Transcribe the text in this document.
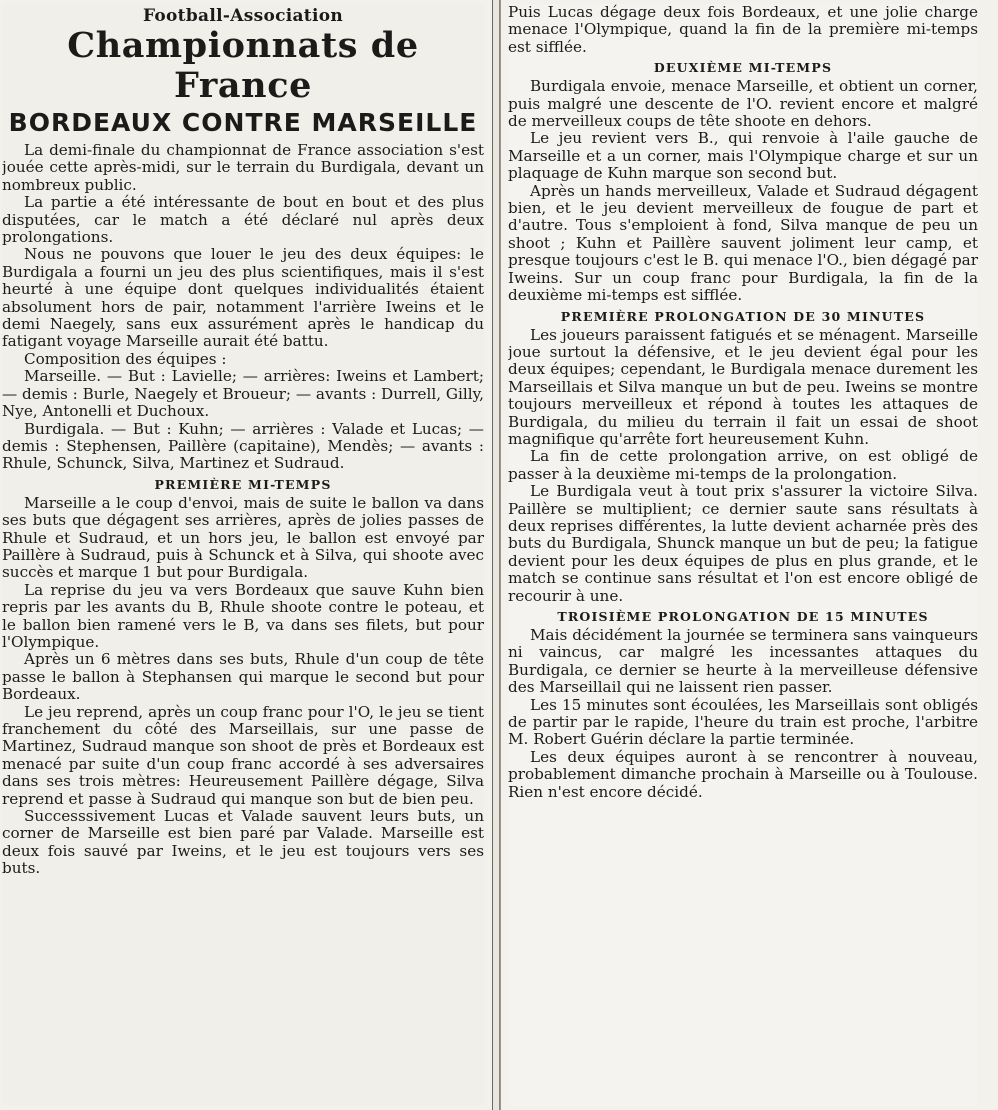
Football-Association
Championnats de France
BORDEAUX CONTRE MARSEILLE

La demi-finale du championnat de France association s'est jouée cette après-midi, sur le terrain du Burdigala, devant un nombreux public.

La partie a été intéressante de bout en bout et des plus disputées, car le match a été déclaré nul après deux prolongations.

Nous ne pouvons que louer le jeu des deux équipes: le Burdigala a fourni un jeu des plus scientifiques, mais il s'est heurté à une équipe dont quelques individualités étaient absolument hors de pair, notamment l'arrière Iweins et le demi Naegely, sans eux assurément après le handicap du fatigant voyage Marseille aurait été battu.

Composition des équipes :

Marseille. — But : Lavielle; — arrières: Iweins et Lambert; — demis : Burle, Naegely et Broueur; — avants : Durrell, Gilly, Nye, Antonelli et Duchoux.

Burdigala. — But : Kuhn; — arrières : Valade et Lucas; — demis : Stephensen, Paillère (capitaine), Mendès; — avants : Rhule, Schunck, Silva, Martinez et Sudraud.

PREMIÈRE MI-TEMPS

Marseille a le coup d'envoi, mais de suite le ballon va dans ses buts que dégagent ses arrières, après de jolies passes de Rhule et Sudraud, et un hors jeu, le ballon est envoyé par Paillère à Sudraud, puis à Schunck et à Silva, qui shoote avec succès et marque 1 but pour Burdigala.

La reprise du jeu va vers Bordeaux que sauve Kuhn bien repris par les avants du B, Rhule shoote contre le poteau, et le ballon bien ramené vers le B, va dans ses filets, but pour l'Olympique.

Après un 6 mètres dans ses buts, Rhule d'un coup de tête passe le ballon à Stephansen qui marque le second but pour Bordeaux.

Le jeu reprend, après un coup franc pour l'O, le jeu se tient franchement du côté des Marseillais, sur une passe de Martinez, Sudraud manque son shoot de près et Bordeaux est menacé par suite d'un coup franc accordé à ses adversaires dans ses trois mètres: Heureusement Paillère dégage, Silva reprend et passe à Sudraud qui manque son but de bien peu.

Successsivement Lucas et Valade sauvent leurs buts, un corner de Marseille est bien paré par Valade. Marseille est deux fois sauvé par Iweins, et le jeu est toujours vers ses buts.

Puis Lucas dégage deux fois Bordeaux, et une jolie charge menace l'Olympique, quand la fin de la première mi-temps est sifflée.

DEUXIÈME MI-TEMPS

Burdigala envoie, menace Marseille, et obtient un corner, puis malgré une descente de l'O. revient encore et malgré de merveilleux coups de tête shoote en dehors.

Le jeu revient vers B., qui renvoie à l'aile gauche de Marseille et a un corner, mais l'Olympique charge et sur un plaquage de Kuhn marque son second but.

Après un hands merveilleux, Valade et Sudraud dégagent bien, et le jeu devient merveilleux de fougue de part et d'autre. Tous s'emploient à fond, Silva manque de peu un shoot ; Kuhn et Paillère sauvent joliment leur camp, et presque toujours c'est le B. qui menace l'O., bien dégagé par Iweins. Sur un coup franc pour Burdigala, la fin de la deuxième mi-temps est sifflée.

PREMIÈRE PROLONGATION DE 30 MINUTES

Les joueurs paraissent fatigués et se ménagent. Marseille joue surtout la défensive, et le jeu devient égal pour les deux équipes; cependant, le Burdigala menace durement les Marseillais et Silva manque un but de peu. Iweins se montre toujours merveilleux et répond à toutes les attaques de Burdigala, du milieu du terrain il fait un essai de shoot magnifique qu'arrête fort heureusement Kuhn.

La fin de cette prolongation arrive, on est obligé de passer à la deuxième mi-temps de la prolongation.

Le Burdigala veut à tout prix s'assurer la victoire Silva. Paillère se multiplient; ce dernier saute sans résultats à deux reprises différentes, la lutte devient acharnée près des buts du Burdigala, Shunck manque un but de peu; la fatigue devient pour les deux équipes de plus en plus grande, et le match se continue sans résultat et l'on est encore obligé de recourir à une.

TROISIÈME PROLONGATION DE 15 MINUTES

Mais décidément la journée se terminera sans vainqueurs ni vaincus, car malgré les incessantes attaques du Burdigala, ce dernier se heurte à la merveilleuse défensive des Marseillail qui ne laissent rien passer.

Les 15 minutes sont écoulées, les Marseillais sont obligés de partir par le rapide, l'heure du train est proche, l'arbitre M. Robert Guérin déclare la partie terminée.

Les deux équipes auront à se rencontrer à nouveau, probablement dimanche prochain à Marseille ou à Toulouse. Rien n'est encore décidé.
